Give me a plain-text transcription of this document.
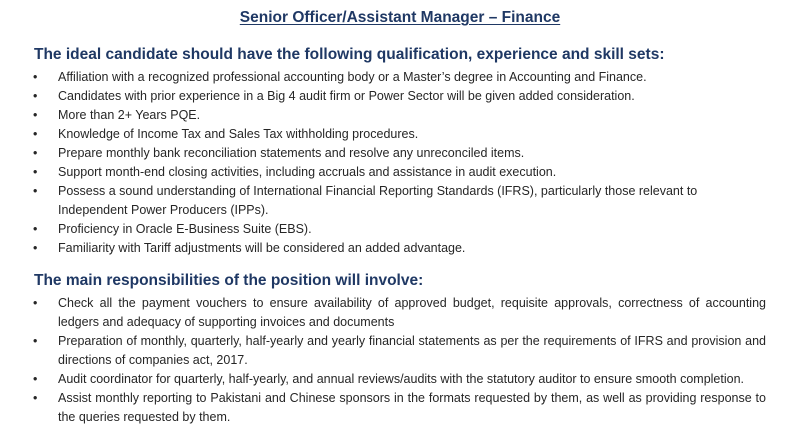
Senior Officer/Assistant Manager – Finance
The ideal candidate should have the following qualification, experience and skill sets:
• Affiliation with a recognized professional accounting body or a Master’s degree in Accounting and Finance.
• Candidates with prior experience in a Big 4 audit firm or Power Sector will be given added consideration.
• More than 2+ Years PQE.
• Knowledge of Income Tax and Sales Tax withholding procedures.
• Prepare monthly bank reconciliation statements and resolve any unreconciled items.
• Support month-end closing activities, including accruals and assistance in audit execution.
• Possess a sound understanding of International Financial Reporting Standards (IFRS), particularly those relevant to Independent Power Producers (IPPs).
• Proficiency in Oracle E-Business Suite (EBS).
• Familiarity with Tariff adjustments will be considered an added advantage.
The main responsibilities of the position will involve:
• Check all the payment vouchers to ensure availability of approved budget, requisite approvals, correctness of accounting ledgers and adequacy of supporting invoices and documents
• Preparation of monthly, quarterly, half-yearly and yearly financial statements as per the requirements of IFRS and provision and directions of companies act, 2017.
• Audit coordinator for quarterly, half-yearly, and annual reviews/audits with the statutory auditor to ensure smooth completion.
• Assist monthly reporting to Pakistani and Chinese sponsors in the formats requested by them, as well as providing response to the queries requested by them.
